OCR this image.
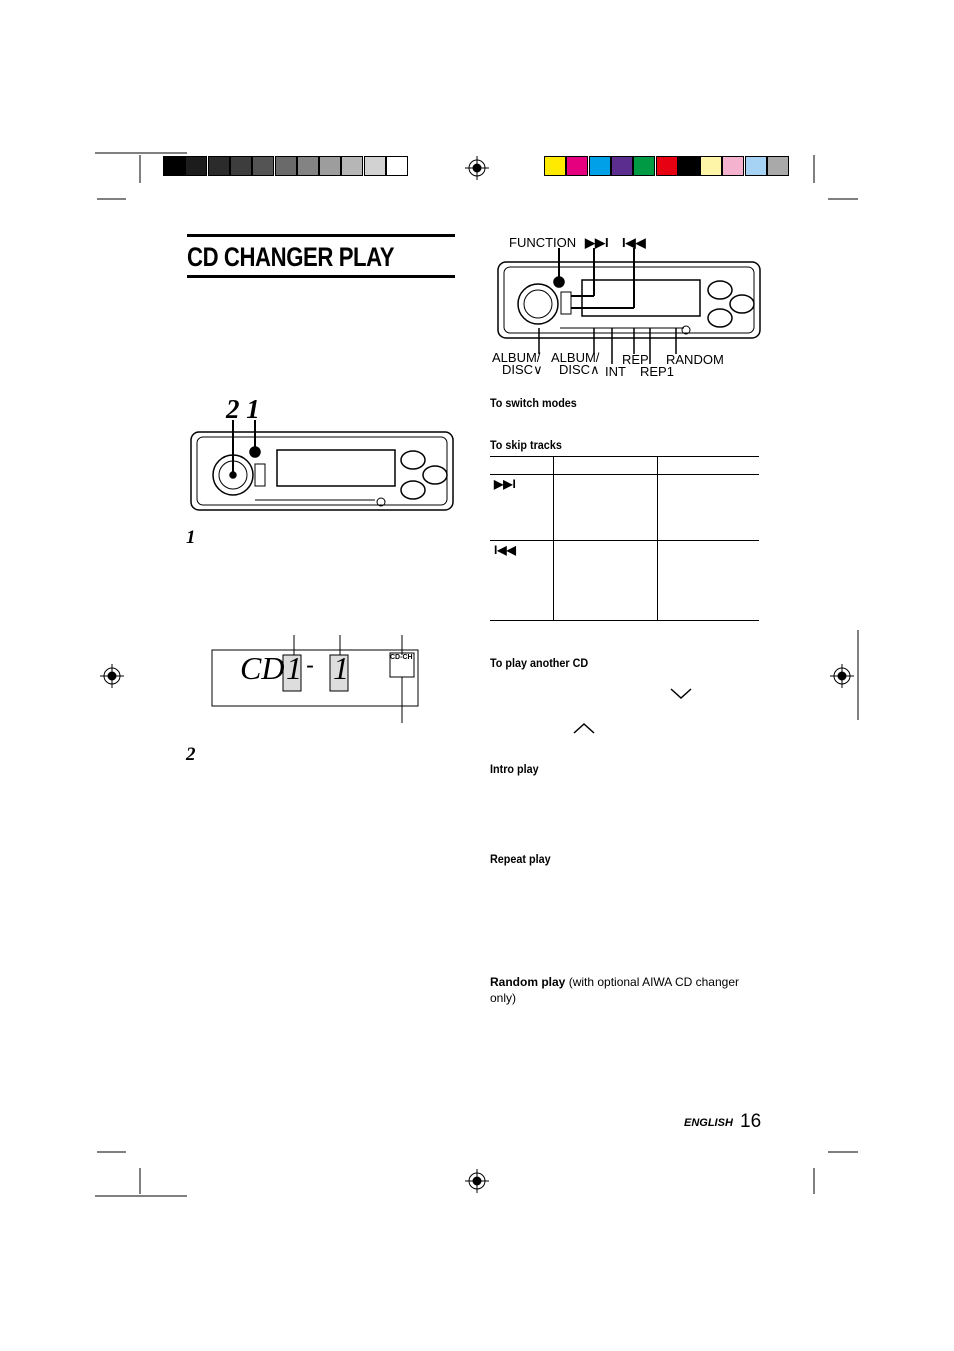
CD CHANGER PLAY
2 1
1
CD 1 - 1	CD-CH
2
FUNCTION ▶▶I I◀◀
ALBUM/
DISC∨
ALBUM/
DISC∧ INT
REP
REP1
RANDOM
To switch modes
To skip tracks

▶▶I		
I◀◀		
To play another CD
Intro play
Repeat play
Random play (with optional AIWA CD changer only)
ENGLISH 16
